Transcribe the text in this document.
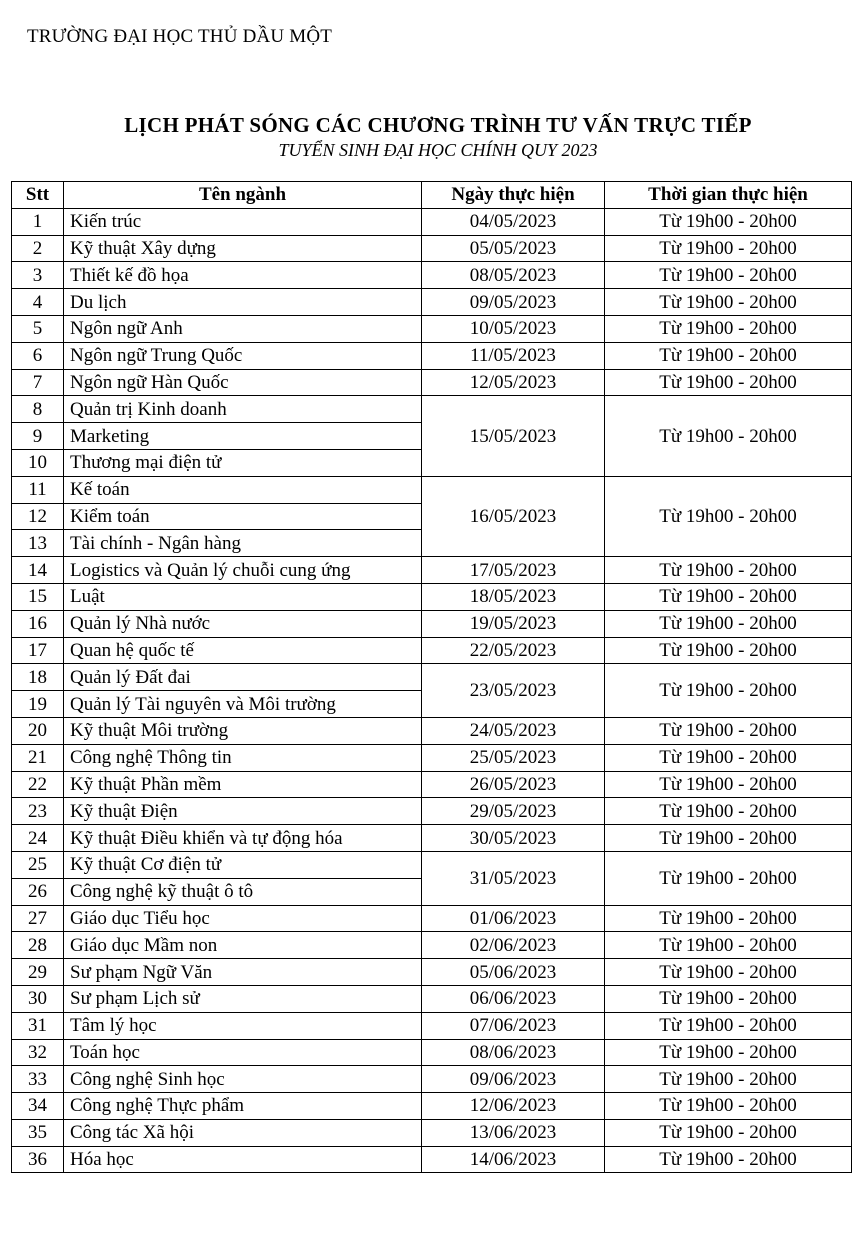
TRƯỜNG ĐẠI HỌC THỦ DẦU MỘT
LỊCH PHÁT SÓNG CÁC CHƯƠNG TRÌNH TƯ VẤN TRỰC TIẾP
TUYỂN SINH ĐẠI HỌC CHÍNH QUY 2023
Stt	Tên ngành	Ngày thực hiện	Thời gian thực hiện
1	Kiến trúc	04/05/2023	Từ 19h00 - 20h00
2	Kỹ thuật Xây dựng	05/05/2023	Từ 19h00 - 20h00
3	Thiết kế đồ họa	08/05/2023	Từ 19h00 - 20h00
4	Du lịch	09/05/2023	Từ 19h00 - 20h00
5	Ngôn ngữ Anh	10/05/2023	Từ 19h00 - 20h00
6	Ngôn ngữ Trung Quốc	11/05/2023	Từ 19h00 - 20h00
7	Ngôn ngữ Hàn Quốc	12/05/2023	Từ 19h00 - 20h00
8	Quản trị Kinh doanh	15/05/2023	Từ 19h00 - 20h00
9	Marketing		
10	Thương mại điện tử		
11	Kế toán	16/05/2023	Từ 19h00 - 20h00
12	Kiểm toán		
13	Tài chính - Ngân hàng		
14	Logistics và Quản lý chuỗi cung ứng	17/05/2023	Từ 19h00 - 20h00
15	Luật	18/05/2023	Từ 19h00 - 20h00
16	Quản lý Nhà nước	19/05/2023	Từ 19h00 - 20h00
17	Quan hệ quốc tế	22/05/2023	Từ 19h00 - 20h00
18	Quản lý Đất đai	23/05/2023	Từ 19h00 - 20h00
19	Quản lý Tài nguyên và Môi trường		
20	Kỹ thuật Môi trường	24/05/2023	Từ 19h00 - 20h00
21	Công nghệ Thông tin	25/05/2023	Từ 19h00 - 20h00
22	Kỹ thuật Phần mềm	26/05/2023	Từ 19h00 - 20h00
23	Kỹ thuật Điện	29/05/2023	Từ 19h00 - 20h00
24	Kỹ thuật Điều khiển và tự động hóa	30/05/2023	Từ 19h00 - 20h00
25	Kỹ thuật Cơ điện tử	31/05/2023	Từ 19h00 - 20h00
26	Công nghệ kỹ thuật ô tô		
27	Giáo dục Tiểu học	01/06/2023	Từ 19h00 - 20h00
28	Giáo dục Mầm non	02/06/2023	Từ 19h00 - 20h00
29	Sư phạm Ngữ Văn	05/06/2023	Từ 19h00 - 20h00
30	Sư phạm Lịch sử	06/06/2023	Từ 19h00 - 20h00
31	Tâm lý học	07/06/2023	Từ 19h00 - 20h00
32	Toán học	08/06/2023	Từ 19h00 - 20h00
33	Công nghệ Sinh học	09/06/2023	Từ 19h00 - 20h00
34	Công nghệ Thực phẩm	12/06/2023	Từ 19h00 - 20h00
35	Công tác Xã hội	13/06/2023	Từ 19h00 - 20h00
36	Hóa học	14/06/2023	Từ 19h00 - 20h00
